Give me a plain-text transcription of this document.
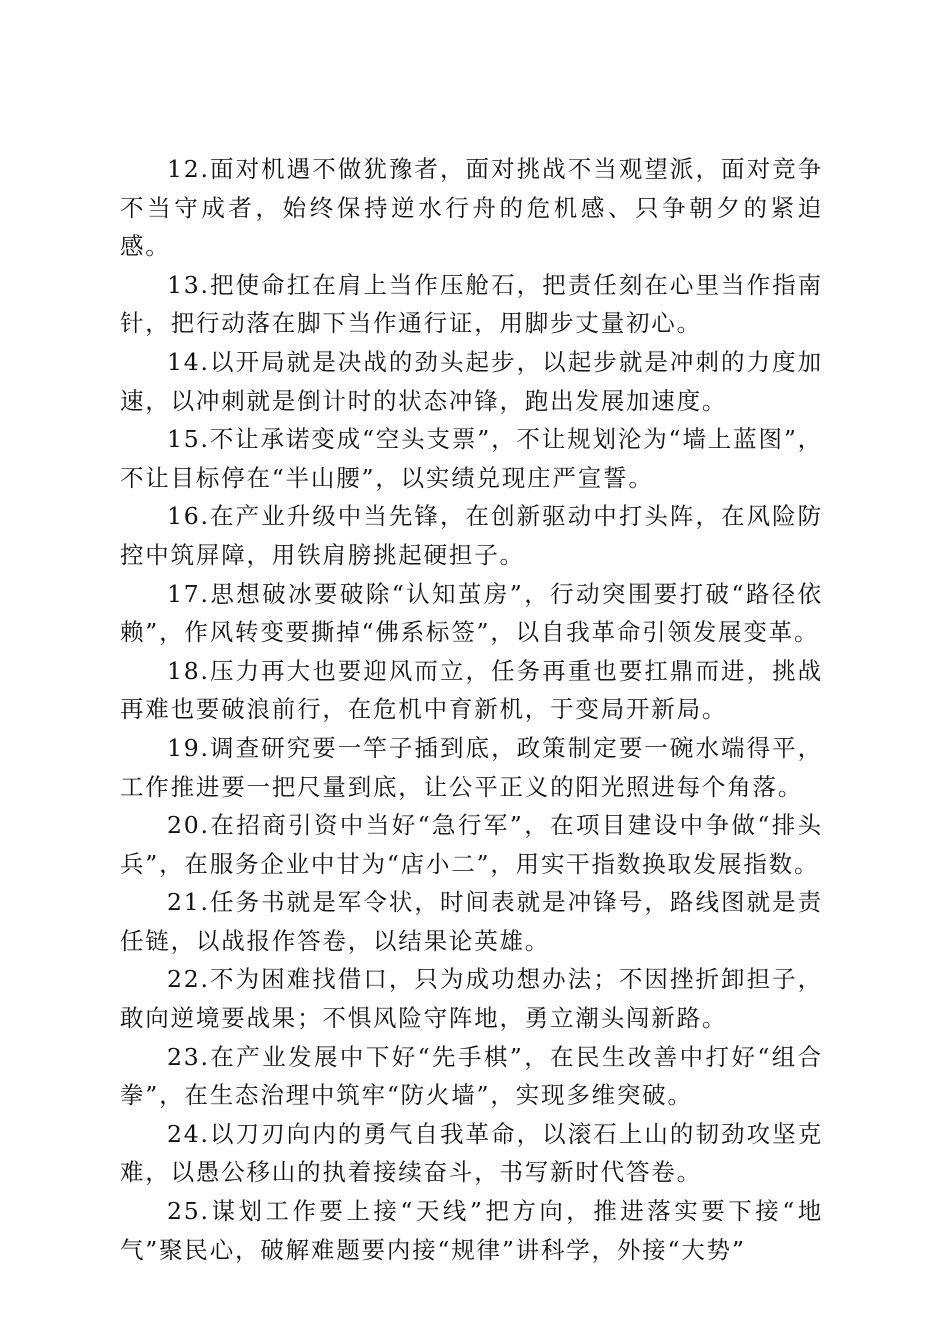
12.面对机遇不做犹豫者，面对挑战不当观望派，面对竞争不当守成者，始终保持逆水行舟的危机感、只争朝夕的紧迫感。

13.把使命扛在肩上当作压舱石，把责任刻在心里当作指南针，把行动落在脚下当作通行证，用脚步丈量初心。

14.以开局就是决战的劲头起步，以起步就是冲刺的力度加速，以冲刺就是倒计时的状态冲锋，跑出发展加速度。

15.不让承诺变成“空头支票”，不让规划沦为“墙上蓝图”，不让目标停在“半山腰”，以实绩兑现庄严宣誓。

16.在产业升级中当先锋，在创新驱动中打头阵，在风险防控中筑屏障，用铁肩膀挑起硬担子。

17.思想破冰要破除“认知茧房”，行动突围要打破“路径依赖”，作风转变要撕掉“佛系标签”，以自我革命引领发展变革。

18.压力再大也要迎风而立，任务再重也要扛鼎而进，挑战再难也要破浪前行，在危机中育新机，于变局开新局。

19.调查研究要一竿子插到底，政策制定要一碗水端得平，工作推进要一把尺量到底，让公平正义的阳光照进每个角落。

20.在招商引资中当好“急行军”，在项目建设中争做“排头兵”，在服务企业中甘为“店小二”，用实干指数换取发展指数。

21.任务书就是军令状，时间表就是冲锋号，路线图就是责任链，以战报作答卷，以结果论英雄。

22.不为困难找借口，只为成功想办法；不因挫折卸担子，敢向逆境要战果；不惧风险守阵地，勇立潮头闯新路。

23.在产业发展中下好“先手棋”，在民生改善中打好“组合拳”，在生态治理中筑牢“防火墙”，实现多维突破。

24.以刀刃向内的勇气自我革命，以滚石上山的韧劲攻坚克难，以愚公移山的执着接续奋斗，书写新时代答卷。

25.谋划工作要上接“天线”把方向，推进落实要下接“地气”聚民心，破解难题要内接“规律”讲科学，外接“大势”
